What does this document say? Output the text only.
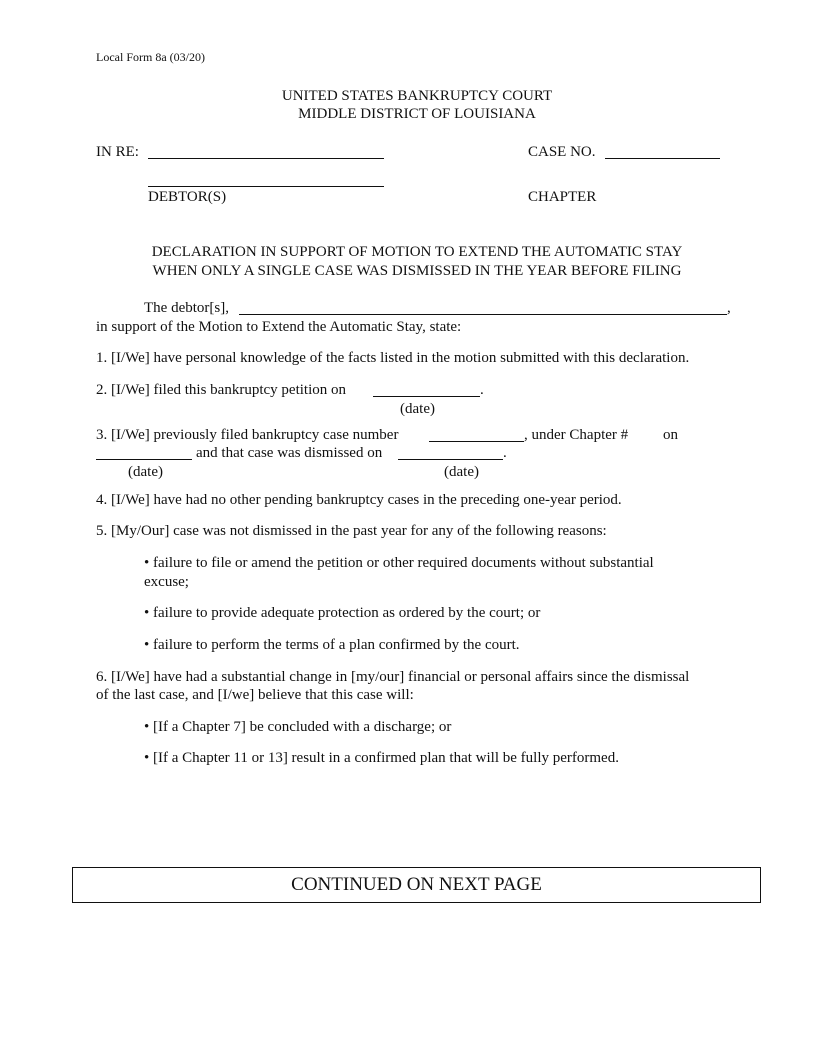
Local Form 8a (03/20)
UNITED STATES BANKRUPTCY COURT
MIDDLE DISTRICT OF LOUISIANA
IN RE:	CASE NO.
DEBTOR(S)	CHAPTER
DECLARATION IN SUPPORT OF MOTION TO EXTEND THE AUTOMATIC STAY
WHEN ONLY A SINGLE CASE WAS DISMISSED IN THE YEAR BEFORE FILING
The debtor[s],	,
in support of the Motion to Extend the Automatic Stay, state:
1. [I/We] have personal knowledge of the facts listed in the motion submitted with this declaration.
2. [I/We] filed this bankruptcy petition on	.
(date)
3. [I/We] previously filed bankruptcy case number	, under Chapter # on
and that case was dismissed on	.
(date)	(date)
4. [I/We] have had no other pending bankruptcy cases in the preceding one-year period.
5. [My/Our] case was not dismissed in the past year for any of the following reasons:
• failure to file or amend the petition or other required documents without substantial
excuse;
• failure to provide adequate protection as ordered by the court; or
• failure to perform the terms of a plan confirmed by the court.
6. [I/We] have had a substantial change in [my/our] financial or personal affairs since the dismissal
of the last case, and [I/we] believe that this case will:
• [If a Chapter 7] be concluded with a discharge; or
• [If a Chapter 11 or 13] result in a confirmed plan that will be fully performed.
CONTINUED ON NEXT PAGE
